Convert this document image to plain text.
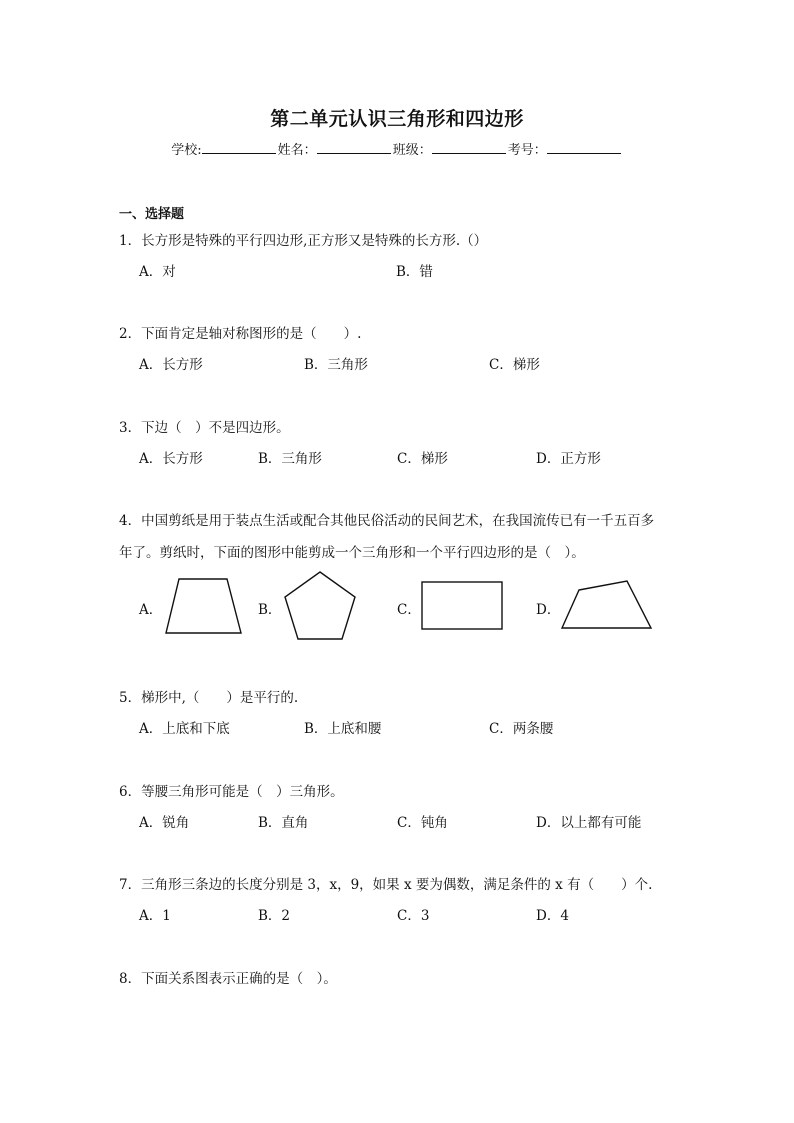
第二单元认识三角形和四边形
学校:	姓名：	班级：	考号：
一、选择题
1．长方形是特殊的平行四边形,正方形又是特殊的长方形.（）
A．对	B．错
2．下面肯定是轴对称图形的是（　　）.
A．长方形	B．三角形	C．梯形
3．下边（　）不是四边形。
A．长方形	B．三角形	C．梯形	D．正方形
4．中国剪纸是用于装点生活或配合其他民俗活动的民间艺术，在我国流传已有一千五百多
年了。剪纸时，下面的图形中能剪成一个三角形和一个平行四边形的是（　）。
A．	B．	C．	D．
5．梯形中,（　　）是平行的.
A．上底和下底	B．上底和腰	C．两条腰
6．等腰三角形可能是（　）三角形。
A．锐角	B．直角	C．钝角	D．以上都有可能
7．三角形三条边的长度分别是 3，x，9，如果 x 要为偶数，满足条件的 x 有（　　）个.
A．1	B．2	C．3	D．4
8．下面关系图表示正确的是（　）。
